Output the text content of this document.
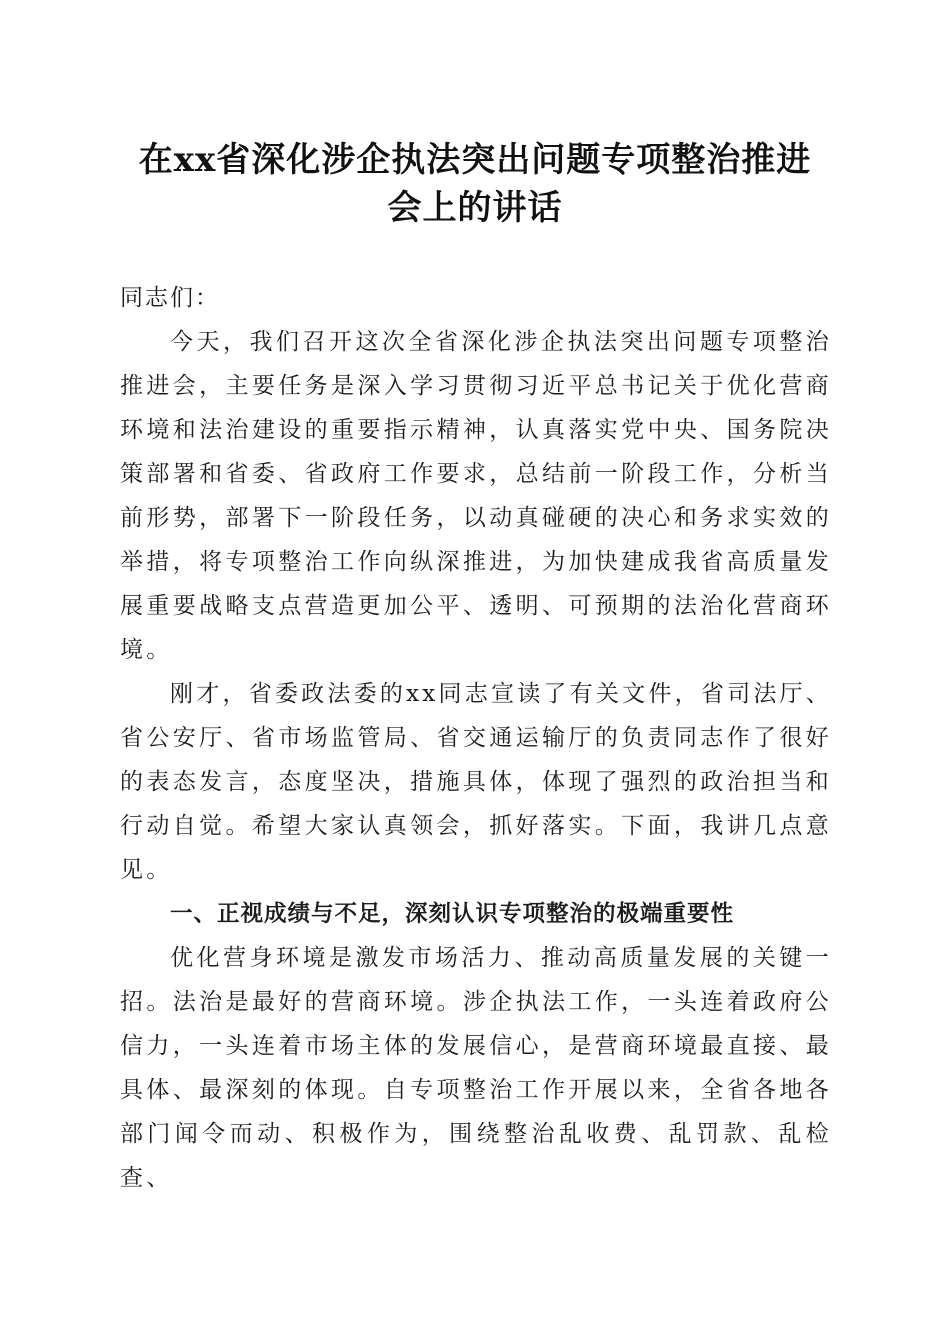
在xx省深化涉企执法突出问题专项整治推进
会上的讲话

同志们：

今天，我们召开这次全省深化涉企执法突出问题专项整治推进会，主要任务是深入学习贯彻习近平总书记关于优化营商环境和法治建设的重要指示精神，认真落实党中央、国务院决策部署和省委、省政府工作要求，总结前一阶段工作，分析当前形势，部署下一阶段任务，以动真碰硬的决心和务求实效的举措，将专项整治工作向纵深推进，为加快建成我省高质量发展重要战略支点营造更加公平、透明、可预期的法治化营商环境。

刚才，省委政法委的xx同志宣读了有关文件，省司法厅、省公安厅、省市场监管局、省交通运输厅的负责同志作了很好的表态发言，态度坚决，措施具体，体现了强烈的政治担当和行动自觉。希望大家认真领会，抓好落实。下面，我讲几点意见。

一、正视成绩与不足，深刻认识专项整治的极端重要性

优化营身环境是激发市场活力、推动高质量发展的关键一招。法治是最好的营商环境。涉企执法工作，一头连着政府公信力，一头连着市场主体的发展信心，是营商环境最直接、最具体、最深刻的体现。自专项整治工作开展以来，全省各地各部门闻令而动、积极作为，围绕整治乱收费、乱罚款、乱检查、
